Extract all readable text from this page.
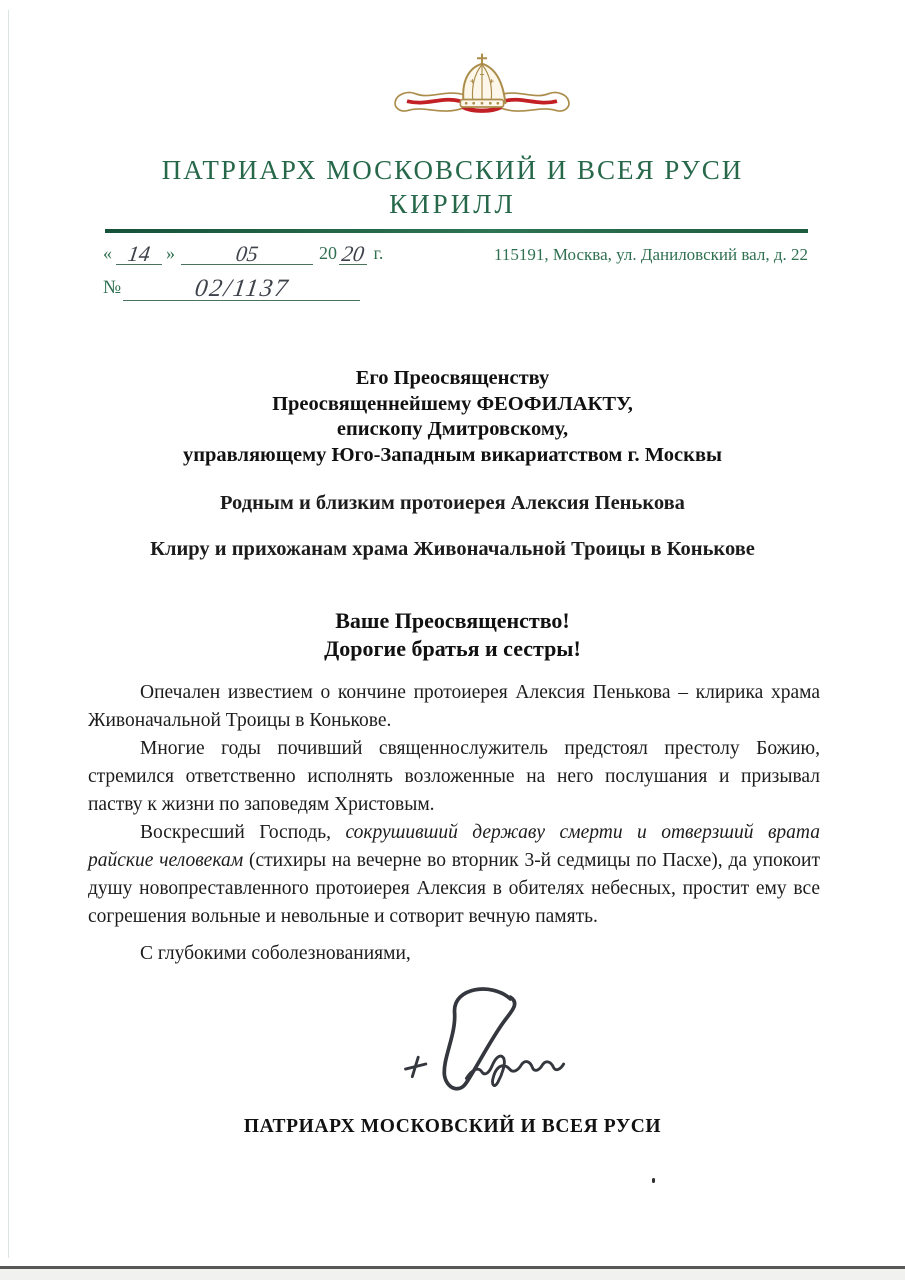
ПАТРИАРХ МОСКОВСКИЙ И ВСЕЯ РУСИ
КИРИЛЛ
« 14 »	05	20 20 г.	115191, Москва, ул. Даниловский вал, д. 22
№	02/1137
Его Преосвященству
Преосвященнейшему ФЕОФИЛАКТУ,
епископу Дмитровскому,
управляющему Юго-Западным викариатством г. Москвы
Родным и близким протоиерея Алексия Пенькова
Клиру и прихожанам храма Живоначальной Троицы в Конькове
Ваше Преосвященство!
Дорогие братья и сестры!

Опечален известием о кончине протоиерея Алексия Пенькова – клирика храма Живоначальной Троицы в Конькове.

Многие годы почивший священнослужитель предстоял престолу Божию, стремился ответственно исполнять возложенные на него послушания и призывал паству к жизни по заповедям Христовым.

Воскресший Господь, сокрушивший державу смерти и отверзший врата райские человекам (стихиры на вечерне во вторник 3-й седмицы по Пасхе), да упокоит душу новопреставленного протоиерея Алексия в обителях небесных, простит ему все согрешения вольные и невольные и сотворит вечную память.

С глубокими соболезнованиями,

ПАТРИАРХ МОСКОВСКИЙ И ВСЕЯ РУСИ
